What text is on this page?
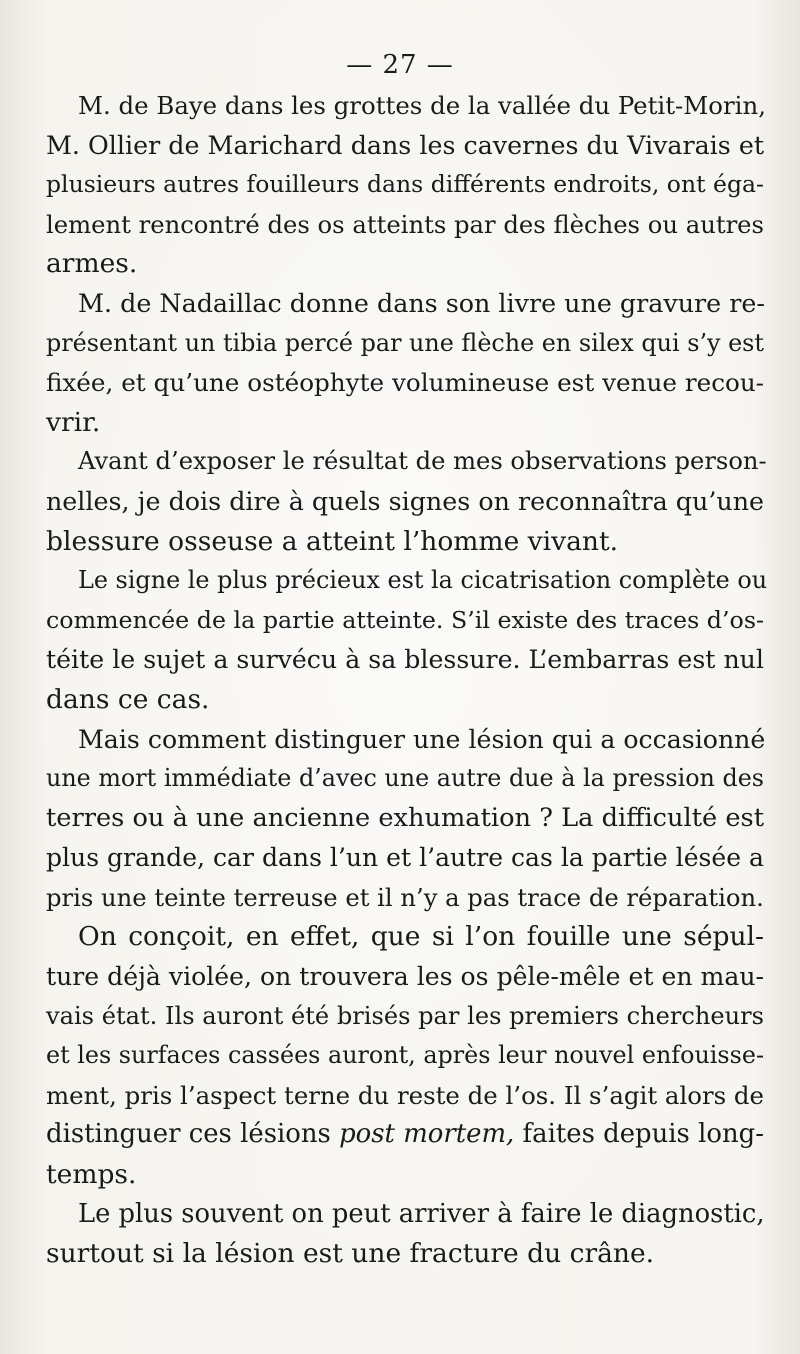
— 27 —

M. de Baye dans les grottes de la vallée du Petit-Morin,
M. Ollier de Marichard dans les cavernes du Vivarais et
plusieurs autres fouilleurs dans différents endroits, ont éga-
lement rencontré des os atteints par des flèches ou autres
armes.

M. de Nadaillac donne dans son livre une gravure re-
présentant un tibia percé par une flèche en silex qui s’y est
fixée, et qu’une ostéophyte volumineuse est venue recou-
vrir.

Avant d’exposer le résultat de mes observations person-
nelles, je dois dire à quels signes on reconnaîtra qu’une
blessure osseuse a atteint l’homme vivant.

Le signe le plus précieux est la cicatrisation complète ou
commencée de la partie atteinte. S’il existe des traces d’os-
téite le sujet a survécu à sa blessure. L’embarras est nul
dans ce cas.

Mais comment distinguer une lésion qui a occasionné
une mort immédiate d’avec une autre due à la pression des
terres ou à une ancienne exhumation ? La difficulté est
plus grande, car dans l’un et l’autre cas la partie lésée a
pris une teinte terreuse et il n’y a pas trace de réparation.

On conçoit, en effet, que si l’on fouille une sépul-
ture déjà violée, on trouvera les os pêle-mêle et en mau-
vais état. Ils auront été brisés par les premiers chercheurs
et les surfaces cassées auront, après leur nouvel enfouisse-
ment, pris l’aspect terne du reste de l’os. Il s’agit alors de
distinguer ces lésions post mortem, faites depuis long-
temps.

Le plus souvent on peut arriver à faire le diagnostic,
surtout si la lésion est une fracture du crâne.
